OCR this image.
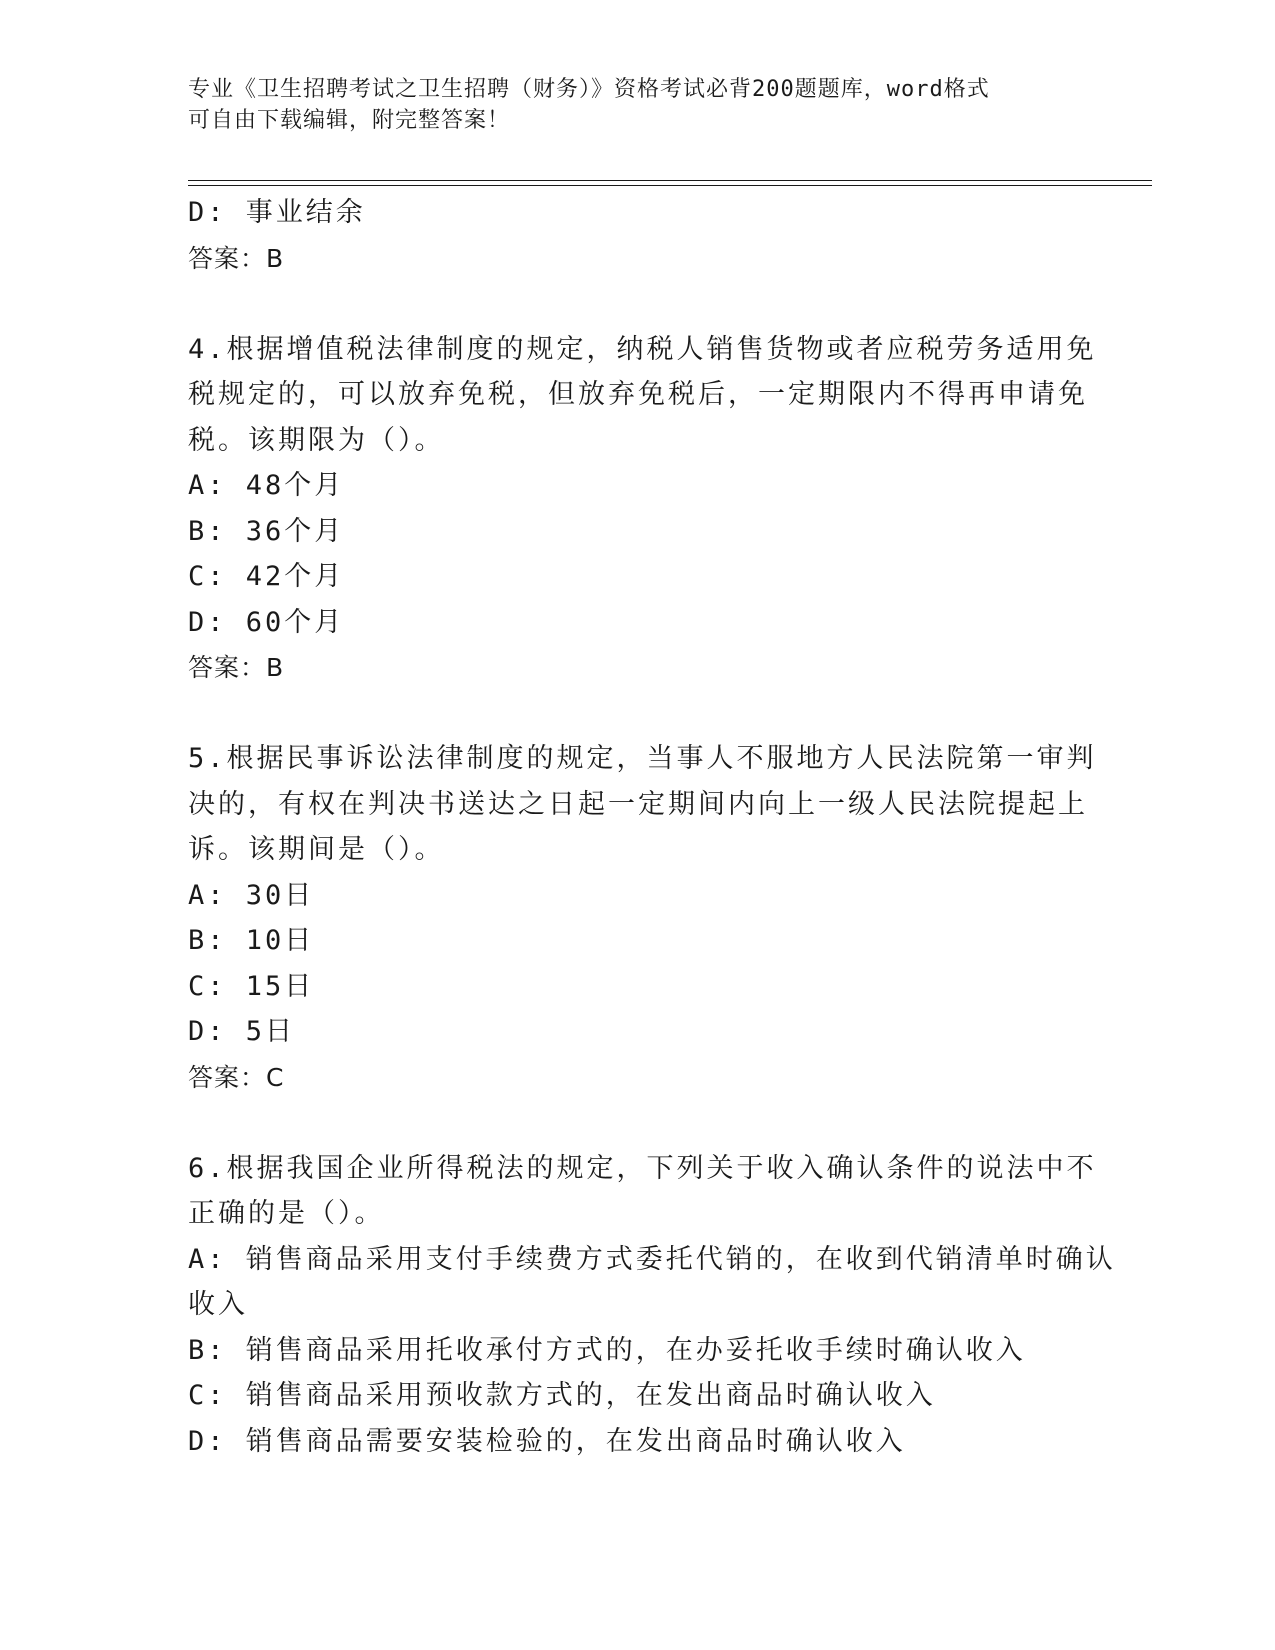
专业《卫生招聘考试之卫生招聘（财务）》资格考试必背200题题库，word格式
可自由下载编辑，附完整答案！
D: 事业结余
答案：B
4.根据增值税法律制度的规定，纳税人销售货物或者应税劳务适用免
税规定的，可以放弃免税，但放弃免税后，一定期限内不得再申请免
税。该期限为（）。
A: 48个月
B: 36个月
C: 42个月
D: 60个月
答案：B
5.根据民事诉讼法律制度的规定，当事人不服地方人民法院第一审判
决的，有权在判决书送达之日起一定期间内向上一级人民法院提起上
诉。该期间是（）。
A: 30日
B: 10日
C: 15日
D: 5日
答案：C
6.根据我国企业所得税法的规定，下列关于收入确认条件的说法中不
正确的是（）。
A: 销售商品采用支付手续费方式委托代销的，在收到代销清单时确认
收入
B: 销售商品采用托收承付方式的，在办妥托收手续时确认收入
C: 销售商品采用预收款方式的，在发出商品时确认收入
D: 销售商品需要安装检验的，在发出商品时确认收入
